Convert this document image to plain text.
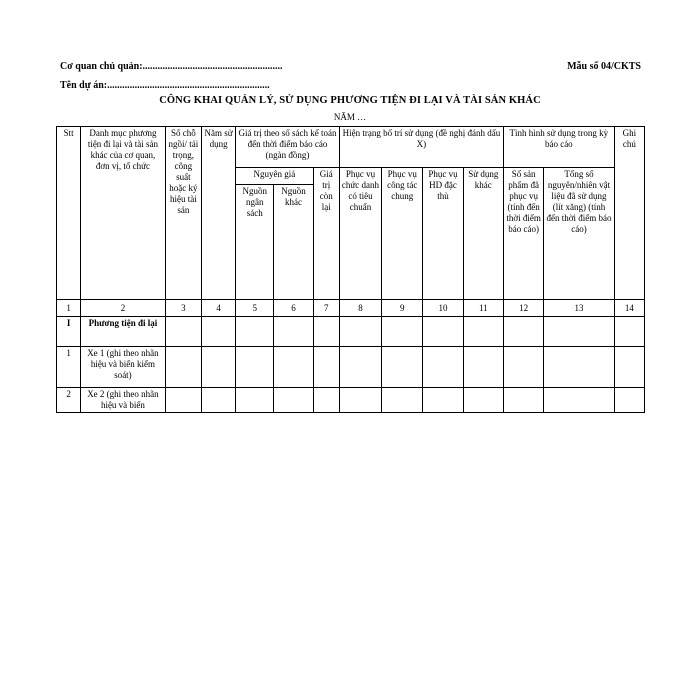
Cơ quan chủ quản:........................................................	Mẫu số 04/CKTS
Tên dự án:.................................................................
CÔNG KHAI QUẢN LÝ, SỬ DỤNG PHƯƠNG TIỆN ĐI LẠI VÀ TÀI SẢN KHÁC
NĂM …
Stt	Danh mục phương tiện đi lại và tài sản khác của cơ quan, đơn vị, tổ chức	Số chỗ ngồi/ tải trọng, công suất hoặc ký hiệu tài sản	Năm sử dụng	Giá trị theo số sách kế toán đến thời điểm báo cáo (ngàn đồng)			Hiện trạng bố trí sử dụng (đề nghị đánh dấu X)				Tình hình sử dụng trong kỳ báo cáo		Ghi chú
				Nguyên giá		Giá trị còn lại	Phục vụ chức danh có tiêu chuẩn	Phục vụ công tác chung	Phục vụ HD đặc thù	Sử dụng khác	Số sản phẩm đã phục vụ (tính đến thời điểm báo cáo)	Tổng số nguyên/nhiên vật liệu đã sử dụng (lít xăng) (tính đến thời điểm báo cáo)	
				Nguồn ngân sách	Nguồn khác								
1	2	3	4	5	6	7	8	9	10	11	12	13	14
I	Phương tiện đi lại												
1	Xe 1 (ghi theo nhãn hiệu và biển kiểm soát)												
2	Xe 2 (ghi theo nhãn hiệu và biển												
